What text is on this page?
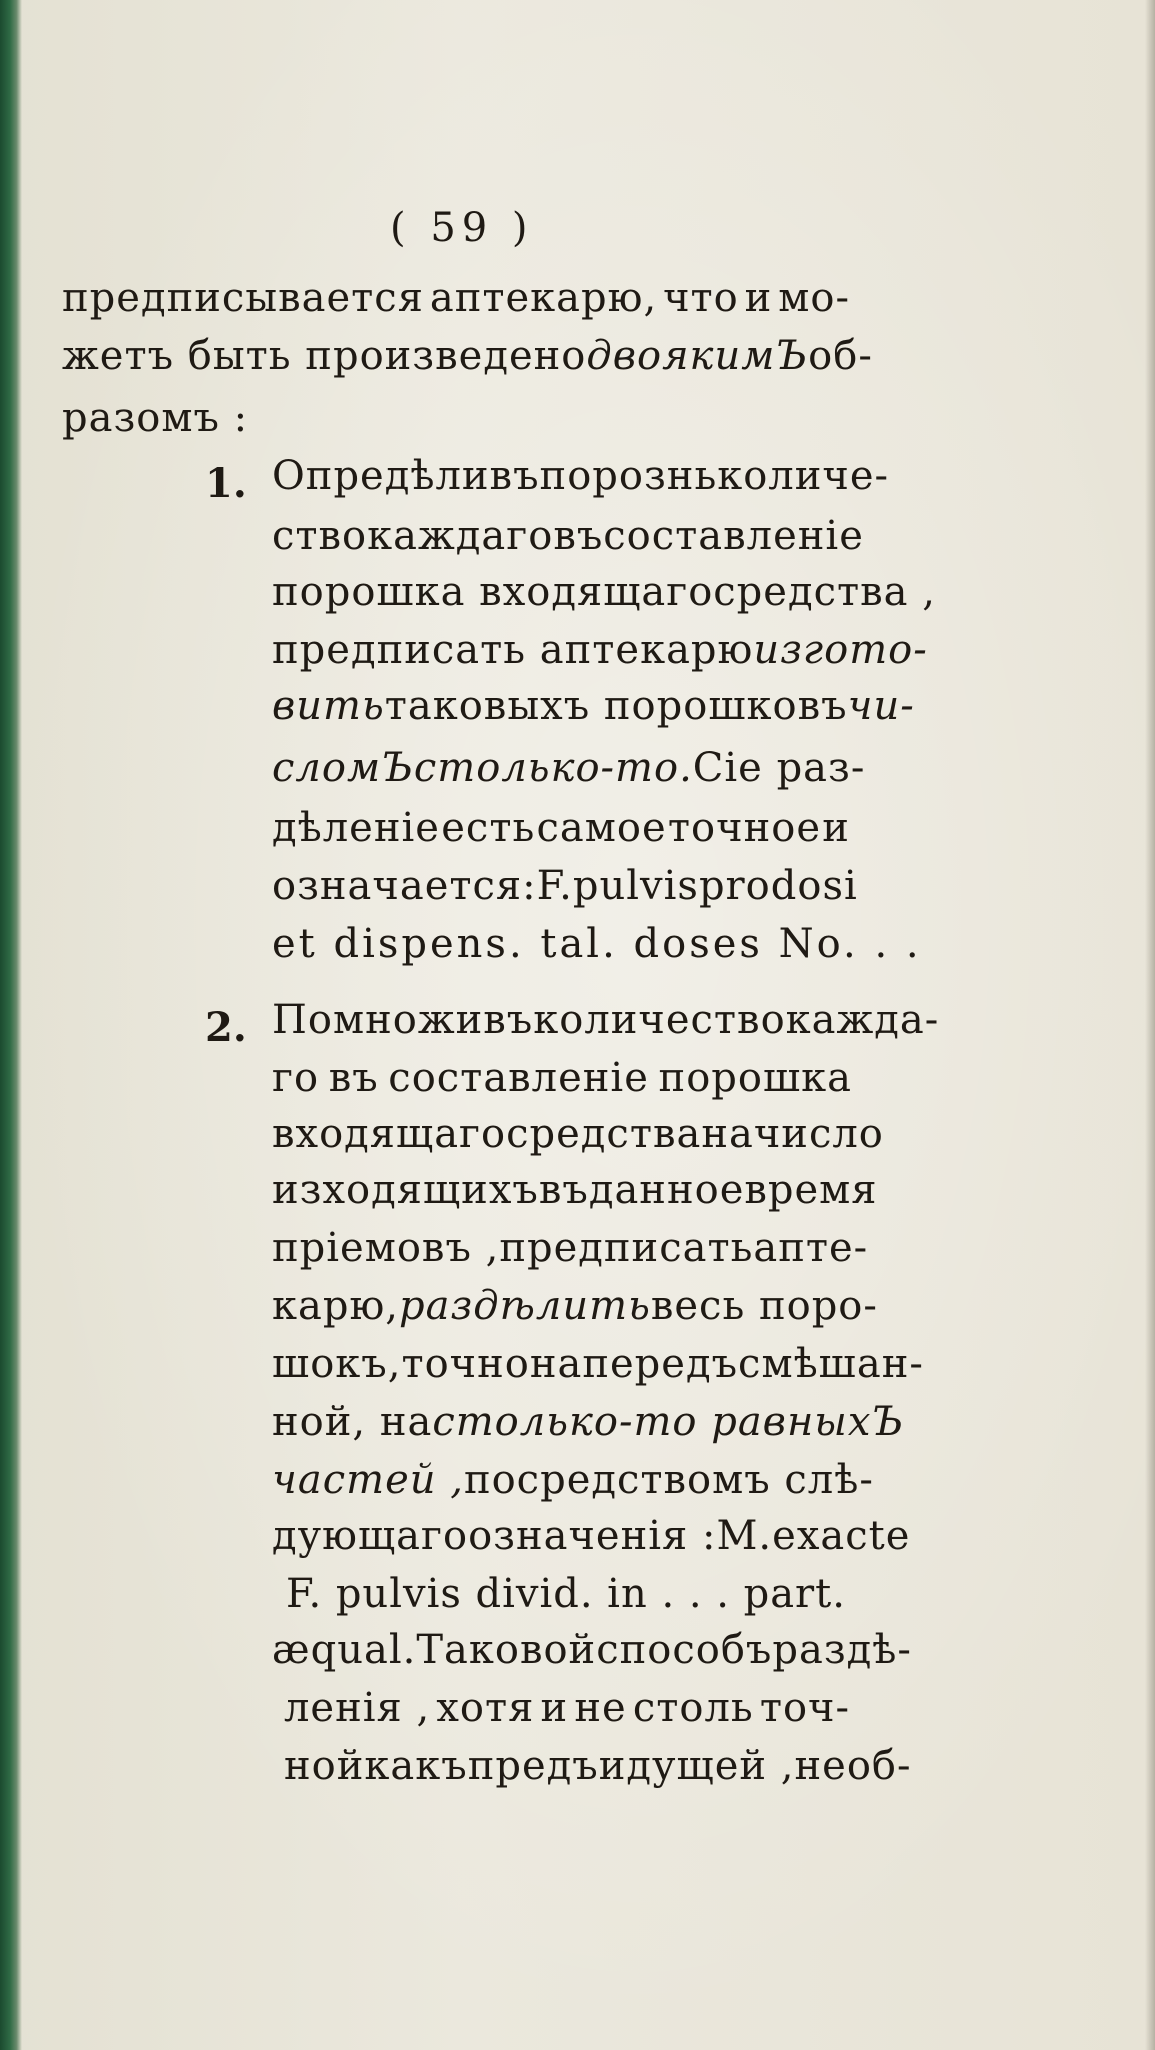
( 59 )
предписывается аптекарю, что и мо-
жетъ быть произведено двоякимЪ об-
разомъ :
1. Опредѣливъ порознь количе-
ство каждаго въ составленіе
порошка входящаго средства ,
предписать аптекарю изгото-
вить таковыхъ порошковъ чи-
сломЪ столько-то. Сіе раз-
дѣленіе есть самое точное и
означается: F. pulvis pro dosi
et dispens. tal. doses No. . .
2. Помноживъ количество кажда-
го въ составленіе порошка
входящаго средства на число
изходящихъ въ данное время
пріемовъ , предписать апте-
карю, раздѣлить весь поро-
шокъ, точно напередъ смѣшан-
ной, на столько-то равныхЪ
частей , посредствомъ слѣ-
дующаго означенія : M. exacte
F. pulvis divid. in . . . part.
æqual. Таковой способъ раздѣ-
ленія , хотя и не столь точ-
ной какъ предъидущей , необ-
